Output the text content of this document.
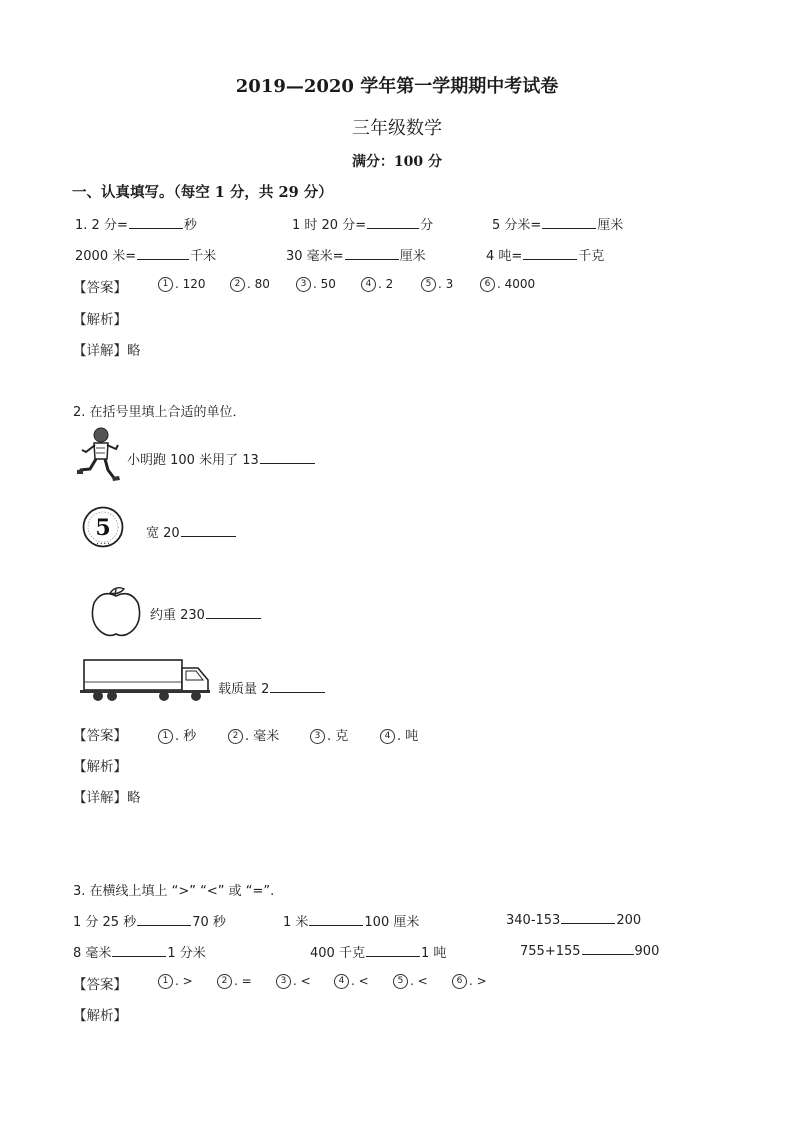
2019—2020 学年第一学期期中考试卷
三年级数学
满分：100 分
一、认真填写。（每空 1 分，共 29 分）
1. 2 分=	秒	1 时 20 分=	分	5 分米=	厘米
2000 米=	千米	30 毫米=	厘米	4 吨=	千克
【答案】	1 . 120	2 . 80	3 . 50	4 . 2	5 . 3	6 . 4000
【解析】
【详解】略
2. 在括号里填上合适的单位．
小明跑 100 米用了 13
5
• • • •
宽 20
约重 230
载质量 2
【答案】	1 . 秒	2 . 毫米	3 . 克	4 . 吨
【解析】
【详解】略
3. 在横线上填上 “>” “<” 或 “=”.
1 分 25 秒	70 秒	1 米	100 厘米	340-153	200
8 毫米	1 分米	400 千克	1 吨	755+155	900
【答案】	1 . >	2 . =	3 . <	4 . <	5 . <	6 . >
【解析】
